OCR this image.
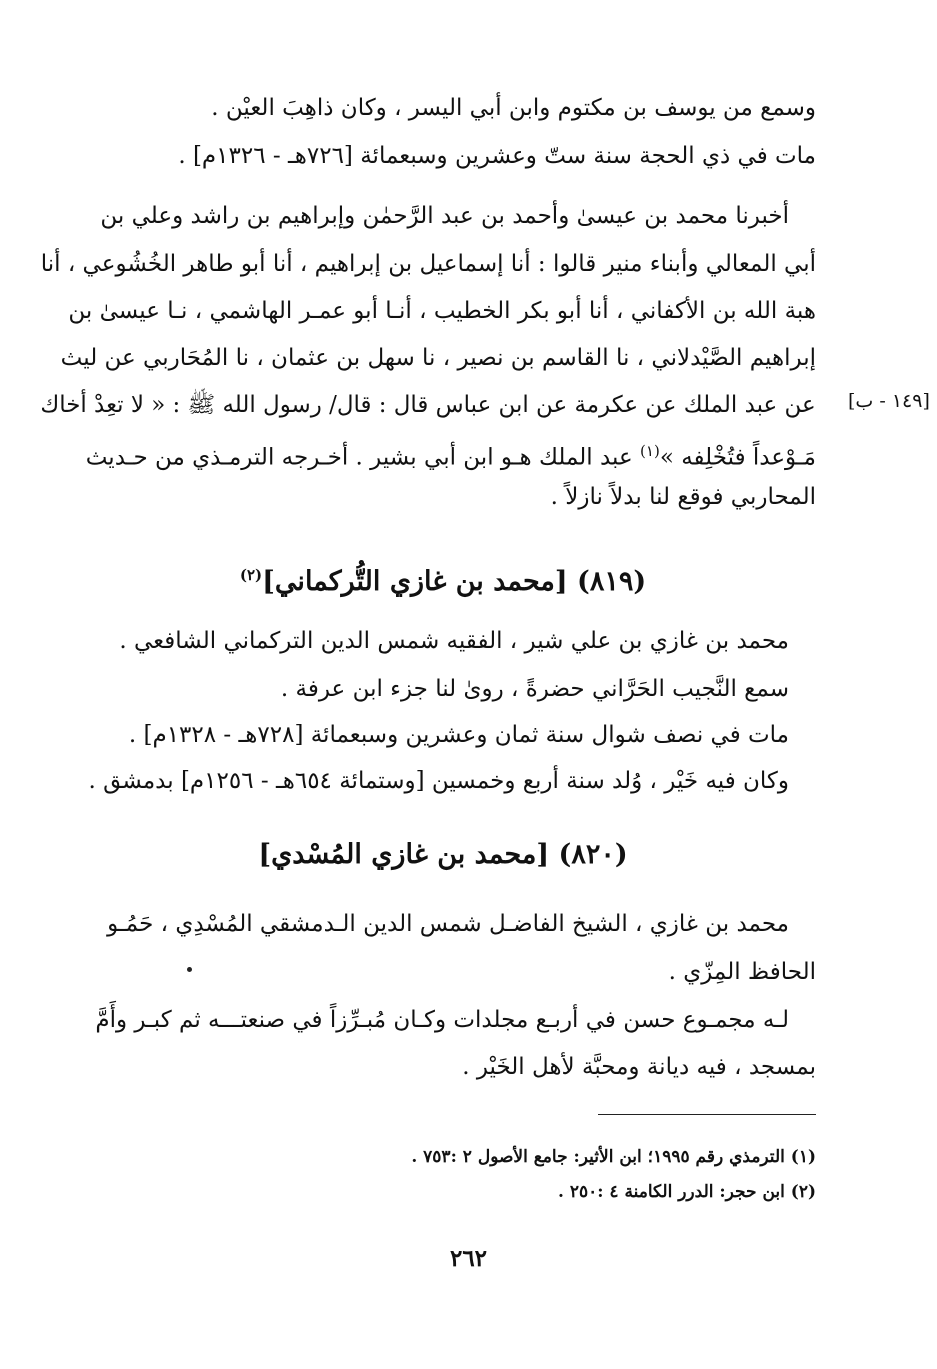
وسمع من يوسف بن مكتوم وابن أبي اليسر ، وكان ذاهِبَ العيْن .
مات في ذي الحجة سنة ستّ وعشرين وسبعمائة [٧٢٦هـ - ١٣٢٦م] .
أخبرنا محمد بن عيسىٰ وأحمد بن عبد الرَّحمٰن وإبراهيم بن راشد وعلي بن
أبي المعالي وأبناء منير قالوا : أنا إسماعيل بن إبراهيم ، أنا أبو طاهر الخُشُوعي ، أنا
هبة الله بن الأكفاني ، أنا أبو بكر الخطيب ، أنـا أبو عمـر الهاشمي ، نـا عيسىٰ بن
إبراهيم الصَّيْدلاني ، نا القاسم بن نصير ، نا سهل بن عثمان ، نا المُحَاربي عن ليث
عن عبد الملك عن عكرمة عن ابن عباس قال : قال/ رسول الله ﷺ : « لا تعِدْ أخاك
مَـوْعداً فتُخْلِفه »$^{(١)}$ عبد الملك هـو ابن أبي بشير . أخـرجه الترمـذي من حـديث
المحاربي فوقع لنا بدلاً نازلاً .
[١٤٩ - ب]
(٨١٩) [محمد بن غازي التُّركماني]$^{(٢)}$
محمد بن غازي بن علي شير ، الفقيه شمس الدين التركماني الشافعي .
سمع النَّجيب الحَرَّاني حضرةً ، روىٰ لنا جزء ابن عرفة .
مات في نصف شوال سنة ثمان وعشرين وسبعمائة [٧٢٨هـ - ١٣٢٨م] .
وكان فيه خَيْر ، وُلد سنة أربع وخمسين [وستمائة ٦٥٤هـ - ١٢٥٦م] بدمشق .
(٨٢٠) [محمد بن غازي المُسْدي]
محمد بن غازي ، الشيخ الفاضـل شمس الدين الـدمشقي المُسْدِي ، حَمُـو
الحافظ المِزّي .
لـه مجمـوع حسن في أربـع مجلدات وكـان مُبـرِّزاً في صنعتـــه ثم كبـر وأَمَّ
بمسجد ، فيه ديانة ومحبَّة لأهل الخَيْر .
(١) الترمذي رقم ١٩٩٥؛ ابن الأثير: جامع الأصول ٢ :٧٥٣ .
(٢) ابن حجر: الدرر الكامنة ٤ :٢٥٠ .
٢٦٢
